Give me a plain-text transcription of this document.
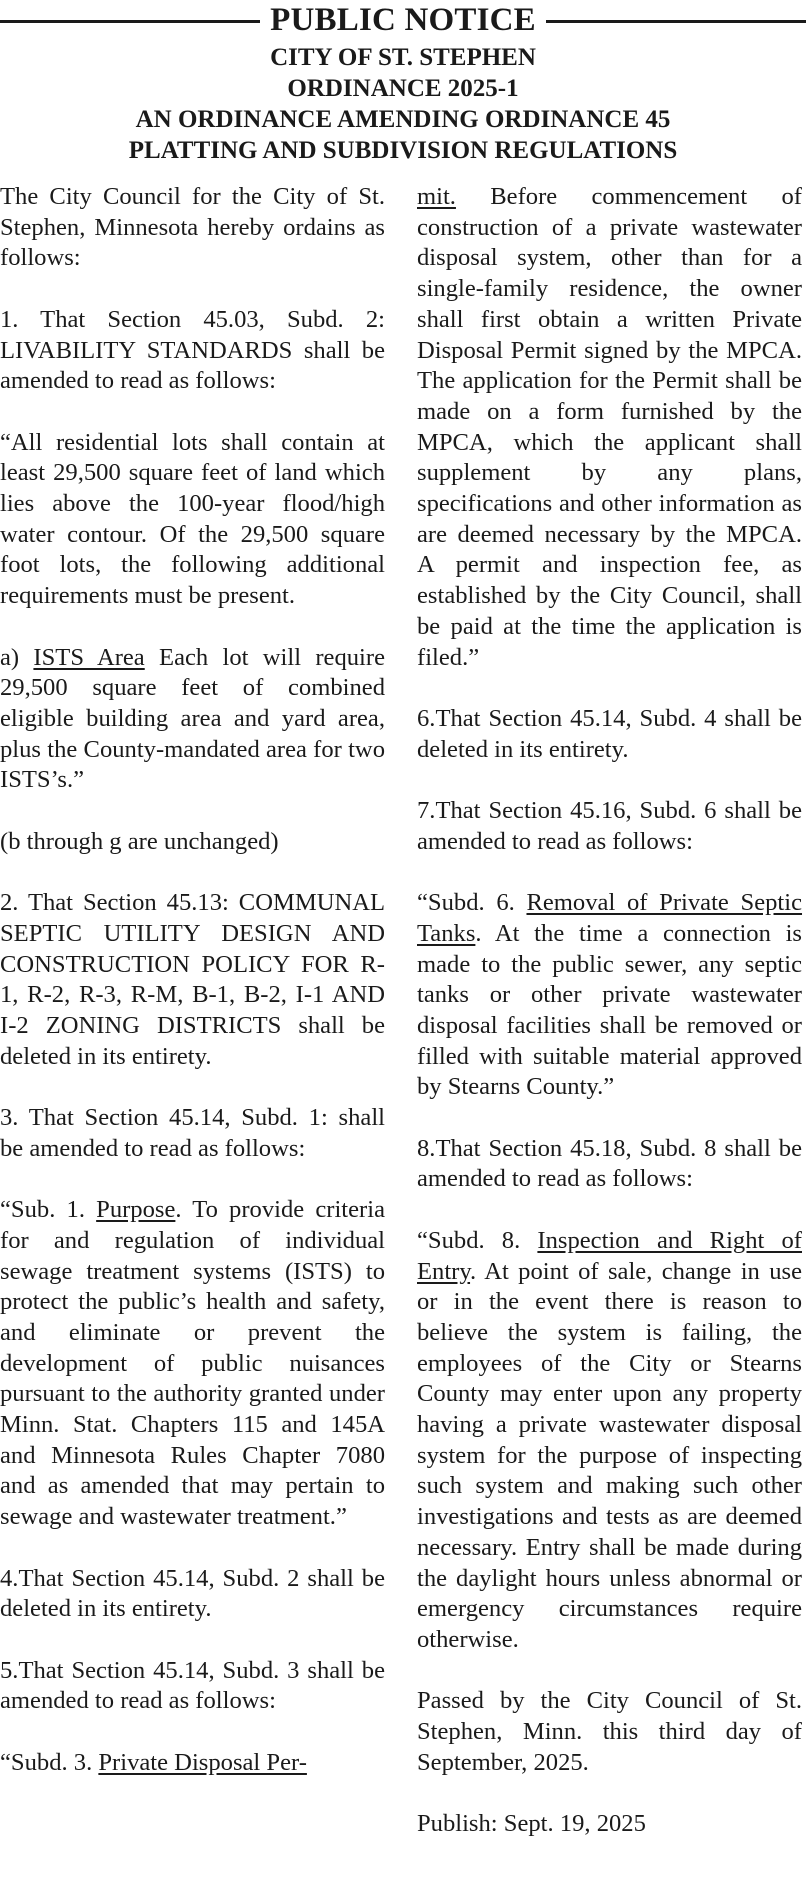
PUBLIC NOTICE
CITY OF ST. STEPHEN
ORDINANCE 2025-1
AN ORDINANCE AMENDING ORDINANCE 45
PLATTING AND SUBDIVISION REGULATIONS

The City Council for the City of St. Stephen, Minnesota hereby ordains as follows:

1. That Section 45.03, Subd. 2: LIVABILITY STANDARDS shall be amended to read as follows:

“All residential lots shall contain at least 29,500 square feet of land which lies above the 100-year flood/high water contour. Of the 29,500 square foot lots, the following additional requirements must be present.

a) ISTS Area Each lot will require 29,500 square feet of combined eligible building area and yard area, plus the County-mandated area for two ISTS’s.”

(b through g are unchanged)

2. That Section 45.13: COMMUNAL SEPTIC UTILITY DESIGN AND CONSTRUCTION POLICY FOR R-1, R-2, R-3, R-M, B-1, B-2, I-1 AND I-2 ZONING DISTRICTS shall be deleted in its entirety.

3. That Section 45.14, Subd. 1: shall be amended to read as follows:

“Sub. 1. Purpose. To provide criteria for and regulation of individual sewage treatment systems (ISTS) to protect the public’s health and safety, and eliminate or prevent the development of public nuisances pursuant to the authority granted under Minn. Stat. Chapters 115 and 145A and Minnesota Rules Chapter 7080 and as amended that may pertain to sewage and wastewater treatment.”

4.That Section 45.14, Subd. 2 shall be deleted in its entirety.

5.That Section 45.14, Subd. 3 shall be amended to read as follows:

“Subd. 3. Private Disposal Per-

mit. Before commencement of construction of a private wastewater disposal system, other than for a single-family residence, the owner shall first obtain a written Private Disposal Permit signed by the MPCA. The application for the Permit shall be made on a form furnished by the MPCA, which the applicant shall supplement by any plans, specifications and other information as are deemed necessary by the MPCA. A permit and inspection fee, as established by the City Council, shall be paid at the time the application is filed.”

6.That Section 45.14, Subd. 4 shall be deleted in its entirety.

7.That Section 45.16, Subd. 6 shall be amended to read as follows:

“Subd. 6. Removal of Private Septic Tanks. At the time a connection is made to the public sewer, any septic tanks or other private wastewater disposal facilities shall be removed or filled with suitable material approved by Stearns County.”

8.That Section 45.18, Subd. 8 shall be amended to read as follows:

“Subd. 8. Inspection and Right of Entry. At point of sale, change in use or in the event there is reason to believe the system is failing, the employees of the City or Stearns County may enter upon any property having a private wastewater disposal system for the purpose of inspecting such system and making such other investigations and tests as are deemed necessary. Entry shall be made during the daylight hours unless abnormal or emergency circumstances require otherwise.

Passed by the City Council of St. Stephen, Minn. this third day of September, 2025.

Publish: Sept. 19, 2025
